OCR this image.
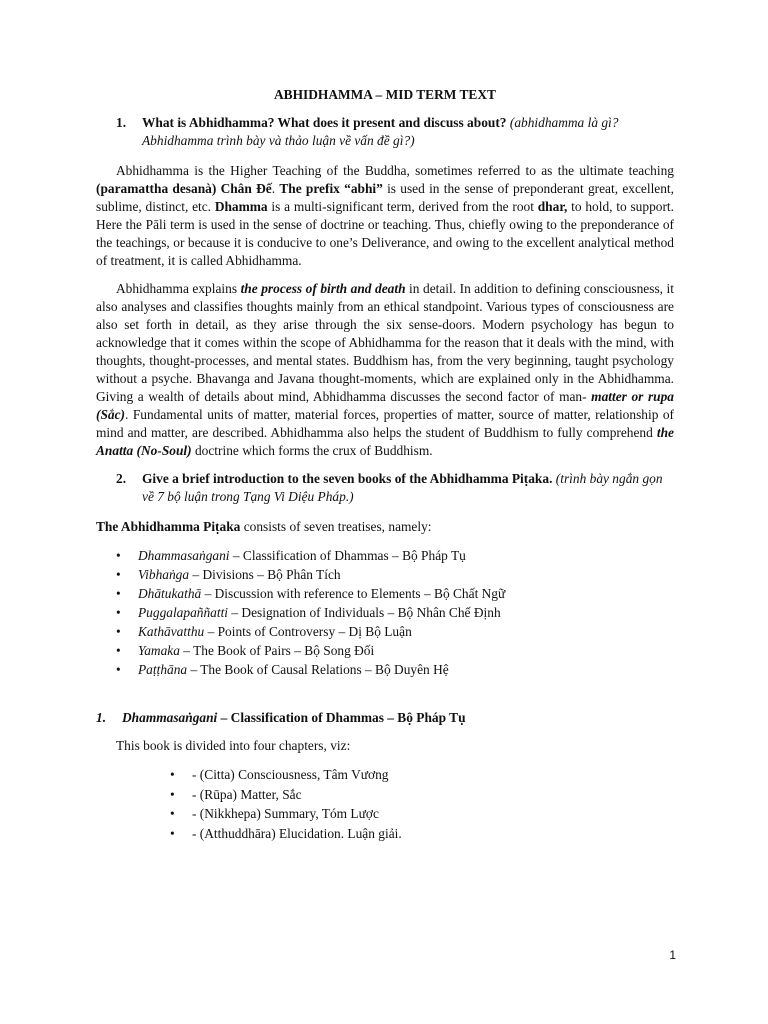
ABHIDHAMMA – MID TERM TEXT
1.	What is Abhidhamma? What does it present and discuss about? (abhidhamma là gì? Abhidhamma trình bày và thảo luận về vấn đề gì?)

Abhidhamma is the Higher Teaching of the Buddha, sometimes referred to as the ultimate teaching (paramattha desanà) Chân Đế. The prefix “abhi” is used in the sense of preponderant great, excellent, sublime, distinct, etc. Dhamma is a multi-significant term, derived from the root dhar, to hold, to support. Here the Pāli term is used in the sense of doctrine or teaching. Thus, chiefly owing to the preponderance of the teachings, or because it is conducive to one’s Deliverance, and owing to the excellent analytical method of treatment, it is called Abhidhamma.

Abhidhamma explains the process of birth and death in detail. In addition to defining consciousness, it also analyses and classifies thoughts mainly from an ethical standpoint. Various types of consciousness are also set forth in detail, as they arise through the six sense-doors. Modern psychology has begun to acknowledge that it comes within the scope of Abhidhamma for the reason that it deals with the mind, with thoughts, thought-processes, and mental states. Buddhism has, from the very beginning, taught psychology without a psyche. Bhavanga and Javana thought-moments, which are explained only in the Abhidhamma. Giving a wealth of details about mind, Abhidhamma discusses the second factor of man- matter or rupa (Sắc). Fundamental units of matter, material forces, properties of matter, source of matter, relationship of mind and matter, are described. Abhidhamma also helps the student of Buddhism to fully comprehend the Anatta (No-Soul) doctrine which forms the crux of Buddhism.

2.	Give a brief introduction to the seven books of the Abhidhamma Piṭaka. (trình bày ngắn gọn về 7 bộ luận trong Tạng Vi Diệu Pháp.)

The Abhidhamma Piṭaka consists of seven treatises, namely:

•	Dhammasaṅgani – Classification of Dhammas – Bộ Pháp Tụ
•	Vibhaṅga – Divisions – Bộ Phân Tích
•	Dhātukathā – Discussion with reference to Elements – Bộ Chất Ngữ
•	Puggalapaññatti – Designation of Individuals – Bộ Nhân Chế Định
•	Kathāvatthu – Points of Controversy – Dị Bộ Luận
•	Yamaka – The Book of Pairs – Bộ Song Đối
•	Paṭṭhāna – The Book of Causal Relations – Bộ Duyên Hệ
1.	Dhammasaṅgani – Classification of Dhammas – Bộ Pháp Tụ

This book is divided into four chapters, viz:

•	- (Citta) Consciousness, Tâm Vương
•	- (Rūpa) Matter, Sắc
•	- (Nikkhepa) Summary, Tóm Lược
•	- (Atthuddhāra) Elucidation. Luận giải.
1
